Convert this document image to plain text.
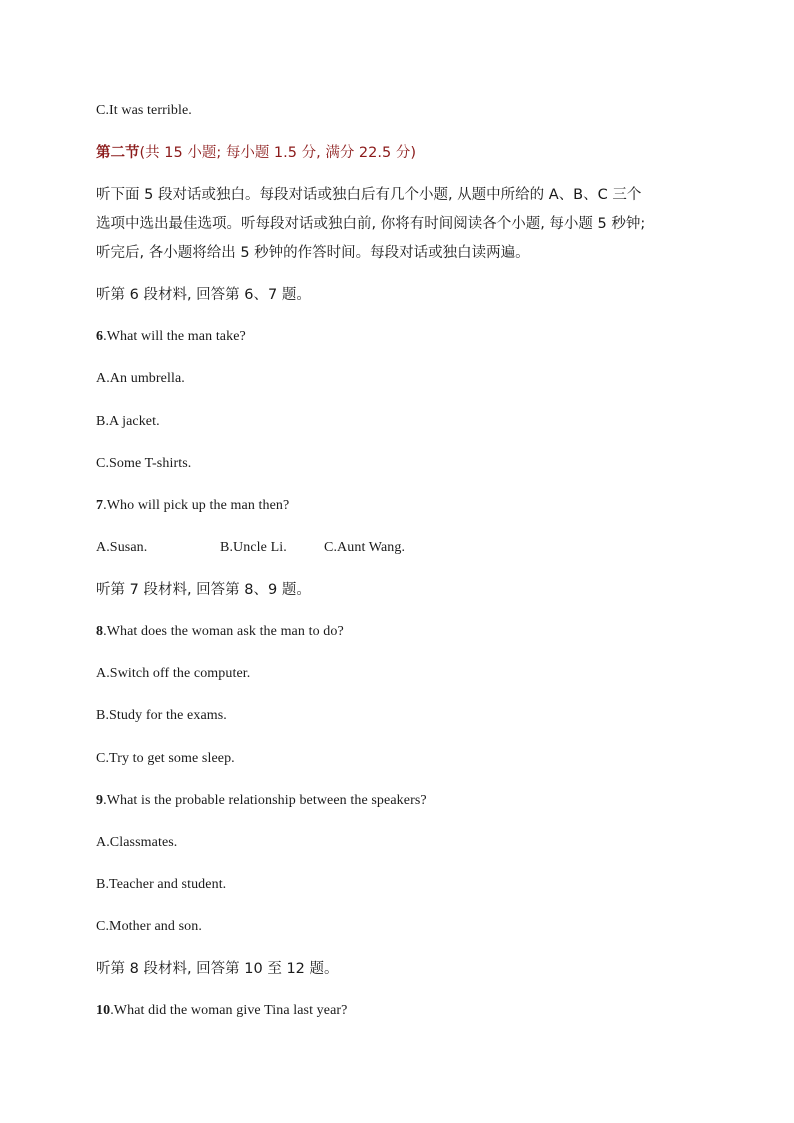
C.It was terrible.
第二节(共 15 小题; 每小题 1.5 分, 满分 22.5 分)
听下面 5 段对话或独白。每段对话或独白后有几个小题, 从题中所给的 A、B、C 三个
选项中选出最佳选项。听每段对话或独白前, 你将有时间阅读各个小题, 每小题 5 秒钟;
听完后, 各小题将给出 5 秒钟的作答时间。每段对话或独白读两遍。
听第 6 段材料, 回答第 6、7 题。
6.What will the man take?
A.An umbrella.
B.A jacket.
C.Some T-shirts.
7.Who will pick up the man then?
A.Susan.	B.Uncle Li.	C.Aunt Wang.
听第 7 段材料, 回答第 8、9 题。
8.What does the woman ask the man to do?
A.Switch off the computer.
B.Study for the exams.
C.Try to get some sleep.
9.What is the probable relationship between the speakers?
A.Classmates.
B.Teacher and student.
C.Mother and son.
听第 8 段材料, 回答第 10 至 12 题。
10.What did the woman give Tina last year?
